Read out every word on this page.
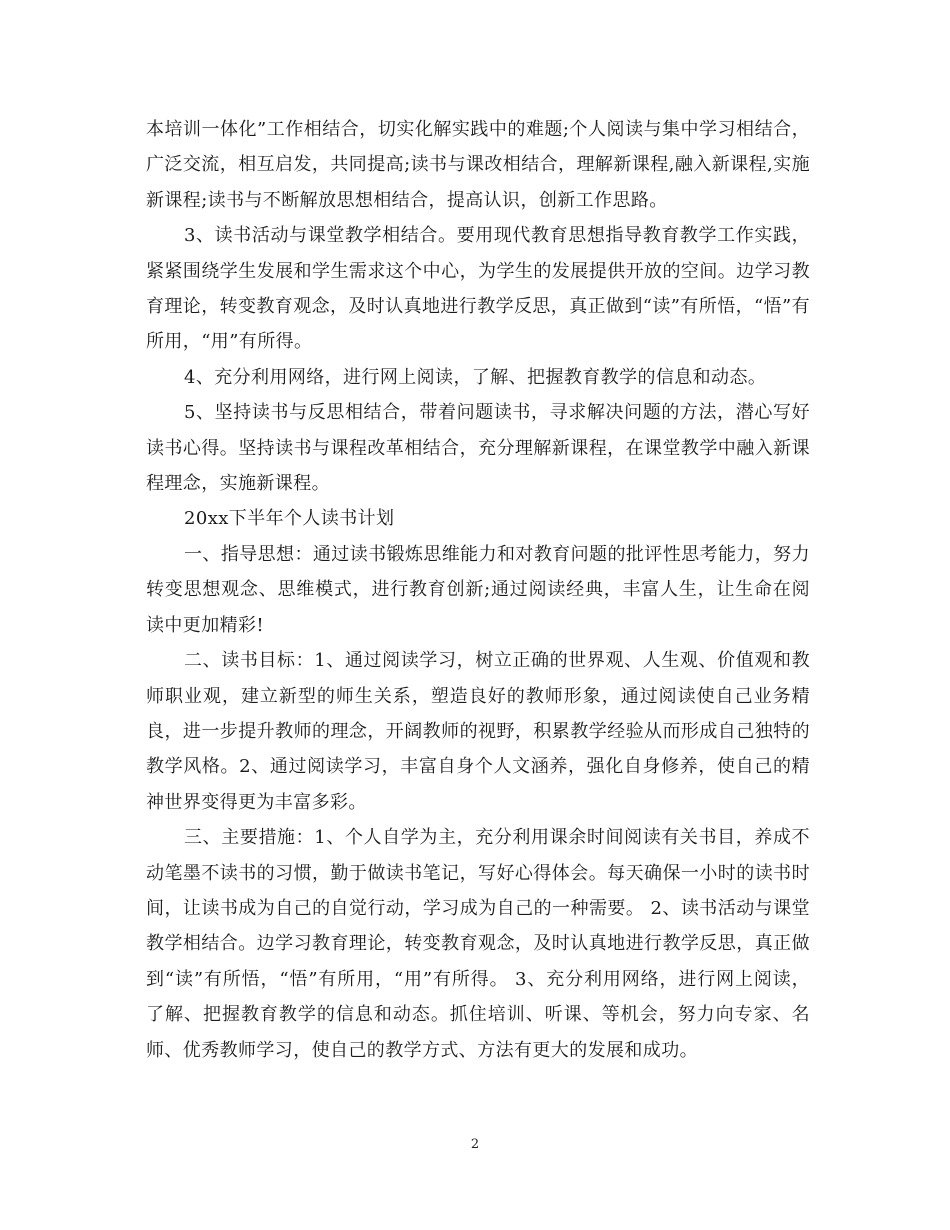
本培训一体化”工作相结合，切实化解实践中的难题;个人阅读与集中学习相结合，广泛交流，相互启发，共同提高;读书与课改相结合，理解新课程,融入新课程,实施新课程;读书与不断解放思想相结合，提高认识，创新工作思路。

3、读书活动与课堂教学相结合。要用现代教育思想指导教育教学工作实践，紧紧围绕学生发展和学生需求这个中心，为学生的发展提供开放的空间。边学习教育理论，转变教育观念，及时认真地进行教学反思，真正做到“读”有所悟，“悟”有所用，“用”有所得。

4、充分利用网络，进行网上阅读，了解、把握教育教学的信息和动态。

5、坚持读书与反思相结合，带着问题读书，寻求解决问题的方法，潜心写好读书心得。坚持读书与课程改革相结合，充分理解新课程，在课堂教学中融入新课程理念，实施新课程。

20xx下半年个人读书计划

一、指导思想：通过读书锻炼思维能力和对教育问题的批评性思考能力，努力转变思想观念、思维模式，进行教育创新;通过阅读经典，丰富人生，让生命在阅读中更加精彩!

二、读书目标：1、通过阅读学习，树立正确的世界观、人生观、价值观和教师职业观，建立新型的师生关系，塑造良好的教师形象，通过阅读使自己业务精良，进一步提升教师的理念，开阔教师的视野，积累教学经验从而形成自己独特的教学风格。2、通过阅读学习，丰富自身个人文涵养，强化自身修养，使自己的精神世界变得更为丰富多彩。

三、主要措施：1、个人自学为主，充分利用课余时间阅读有关书目，养成不动笔墨不读书的习惯，勤于做读书笔记，写好心得体会。每天确保一小时的读书时间，让读书成为自己的自觉行动，学习成为自己的一种需要。 2、读书活动与课堂教学相结合。边学习教育理论，转变教育观念，及时认真地进行教学反思，真正做到“读”有所悟，“悟”有所用，“用”有所得。 3、充分利用网络，进行网上阅读，了解、把握教育教学的信息和动态。抓住培训、听课、等机会，努力向专家、名师、优秀教师学习，使自己的教学方式、方法有更大的发展和成功。

2
